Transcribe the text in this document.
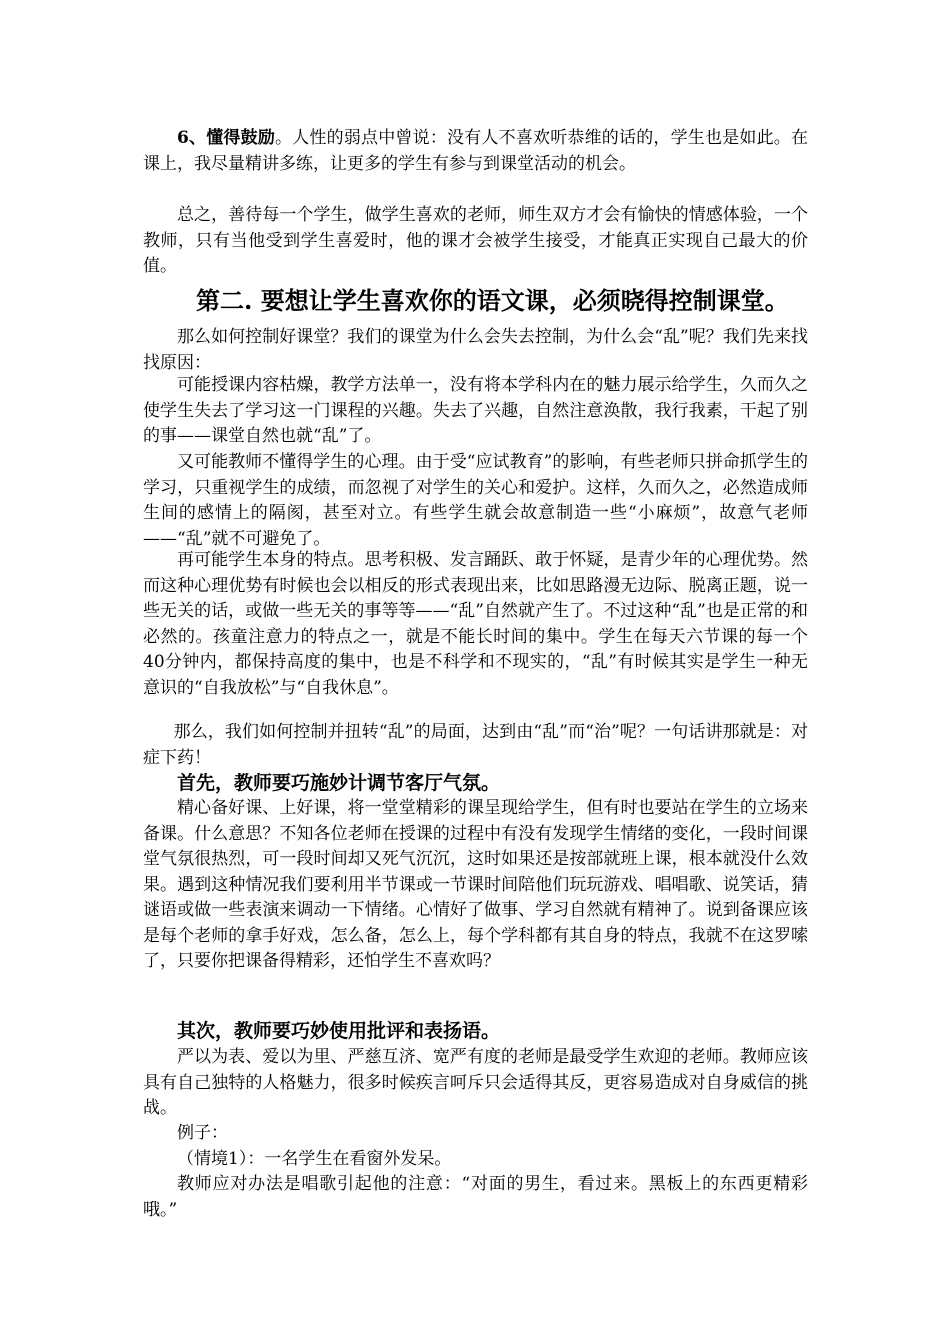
6、懂得鼓励。人性的弱点中曾说：没有人不喜欢听恭维的话的，学生也是如此。在课上，我尽量精讲多练，让更多的学生有参与到课堂活动的机会。

总之，善待每一个学生，做学生喜欢的老师，师生双方才会有愉快的情感体验，一个教师，只有当他受到学生喜爱时，他的课才会被学生接受，才能真正实现自己最大的价值。

第二. 要想让学生喜欢你的语文课，必须晓得控制课堂。

那么如何控制好课堂？我们的课堂为什么会失去控制，为什么会“乱”呢？我们先来找找原因：

可能授课内容枯燥，教学方法单一，没有将本学科内在的魅力展示给学生，久而久之使学生失去了学习这一门课程的兴趣。失去了兴趣，自然注意涣散，我行我素，干起了别的事——课堂自然也就“乱”了。

又可能教师不懂得学生的心理。由于受“应试教育”的影响，有些老师只拼命抓学生的学习，只重视学生的成绩，而忽视了对学生的关心和爱护。这样，久而久之，必然造成师生间的感情上的隔阂，甚至对立。有些学生就会故意制造一些“小麻烦”，故意气老师——“乱”就不可避免了。

再可能学生本身的特点。思考积极、发言踊跃、敢于怀疑，是青少年的心理优势。然而这种心理优势有时候也会以相反的形式表现出来，比如思路漫无边际、脱离正题，说一些无关的话，或做一些无关的事等等——“乱”自然就产生了。不过这种“乱”也是正常的和必然的。孩童注意力的特点之一，就是不能长时间的集中。学生在每天六节课的每一个40分钟内，都保持高度的集中，也是不科学和不现实的，“乱”有时候其实是学生一种无意识的“自我放松”与“自我休息”。

那么，我们如何控制并扭转“乱”的局面，达到由“乱”而“治”呢？一句话讲那就是：对症下药！

首先，教师要巧施妙计调节客厅气氛。

精心备好课、上好课，将一堂堂精彩的课呈现给学生，但有时也要站在学生的立场来备课。什么意思？不知各位老师在授课的过程中有没有发现学生情绪的变化，一段时间课堂气氛很热烈，可一段时间却又死气沉沉，这时如果还是按部就班上课，根本就没什么效果。遇到这种情况我们要利用半节课或一节课时间陪他们玩玩游戏、唱唱歌、说笑话，猜谜语或做一些表演来调动一下情绪。心情好了做事、学习自然就有精神了。说到备课应该是每个老师的拿手好戏，怎么备，怎么上，每个学科都有其自身的特点，我就不在这罗嗦了，只要你把课备得精彩，还怕学生不喜欢吗？

其次，教师要巧妙使用批评和表扬语。

严以为表、爱以为里、严慈互济、宽严有度的老师是最受学生欢迎的老师。教师应该具有自己独特的人格魅力，很多时候疾言呵斥只会适得其反，更容易造成对自身威信的挑战。

例子：

（情境1）：一名学生在看窗外发呆。

教师应对办法是唱歌引起他的注意：“对面的男生，看过来。黑板上的东西更精彩哦。”
